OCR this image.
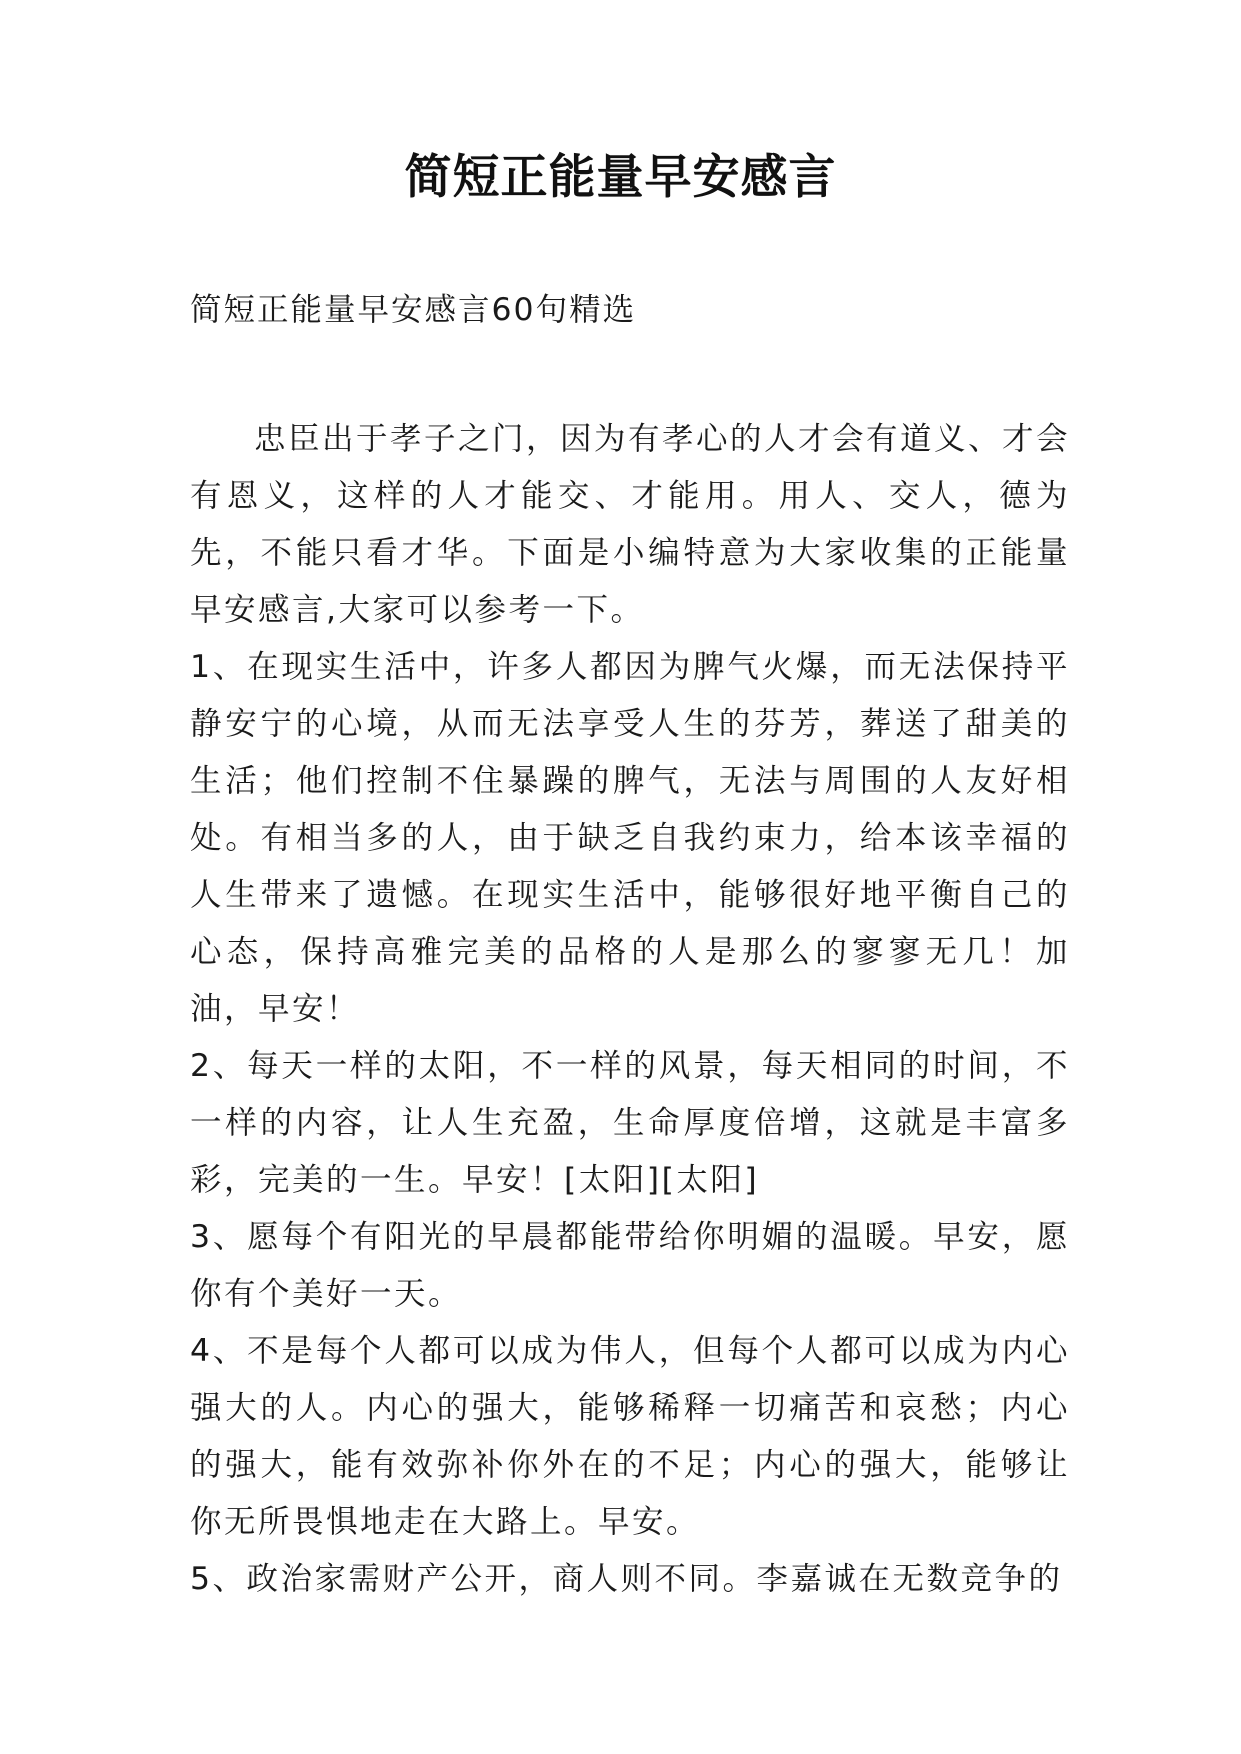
简短正能量早安感言
简短正能量早安感言60句精选

忠臣出于孝子之门，因为有孝心的人才会有道义、才会有恩义，这样的人才能交、才能用。用人、交人，德为先，不能只看才华。下面是小编特意为大家收集的正能量早安感言,大家可以参考一下。

1、在现实生活中，许多人都因为脾气火爆，而无法保持平静安宁的心境，从而无法享受人生的芬芳，葬送了甜美的生活；他们控制不住暴躁的脾气，无法与周围的人友好相处。有相当多的人，由于缺乏自我约束力，给本该幸福的人生带来了遗憾。在现实生活中，能够很好地平衡自己的心态，保持高雅完美的品格的人是那么的寥寥无几！加油，早安！

2、每天一样的太阳，不一样的风景，每天相同的时间，不一样的内容，让人生充盈，生命厚度倍增，这就是丰富多彩，完美的一生。早安！[太阳][太阳]

3、愿每个有阳光的早晨都能带给你明媚的温暖。早安，愿你有个美好一天。

4、不是每个人都可以成为伟人，但每个人都可以成为内心强大的人。内心的强大，能够稀释一切痛苦和哀愁；内心的强大，能有效弥补你外在的不足；内心的强大，能够让你无所畏惧地走在大路上。早安。

5、政治家需财产公开，商人则不同。李嘉诚在无数竞争的
